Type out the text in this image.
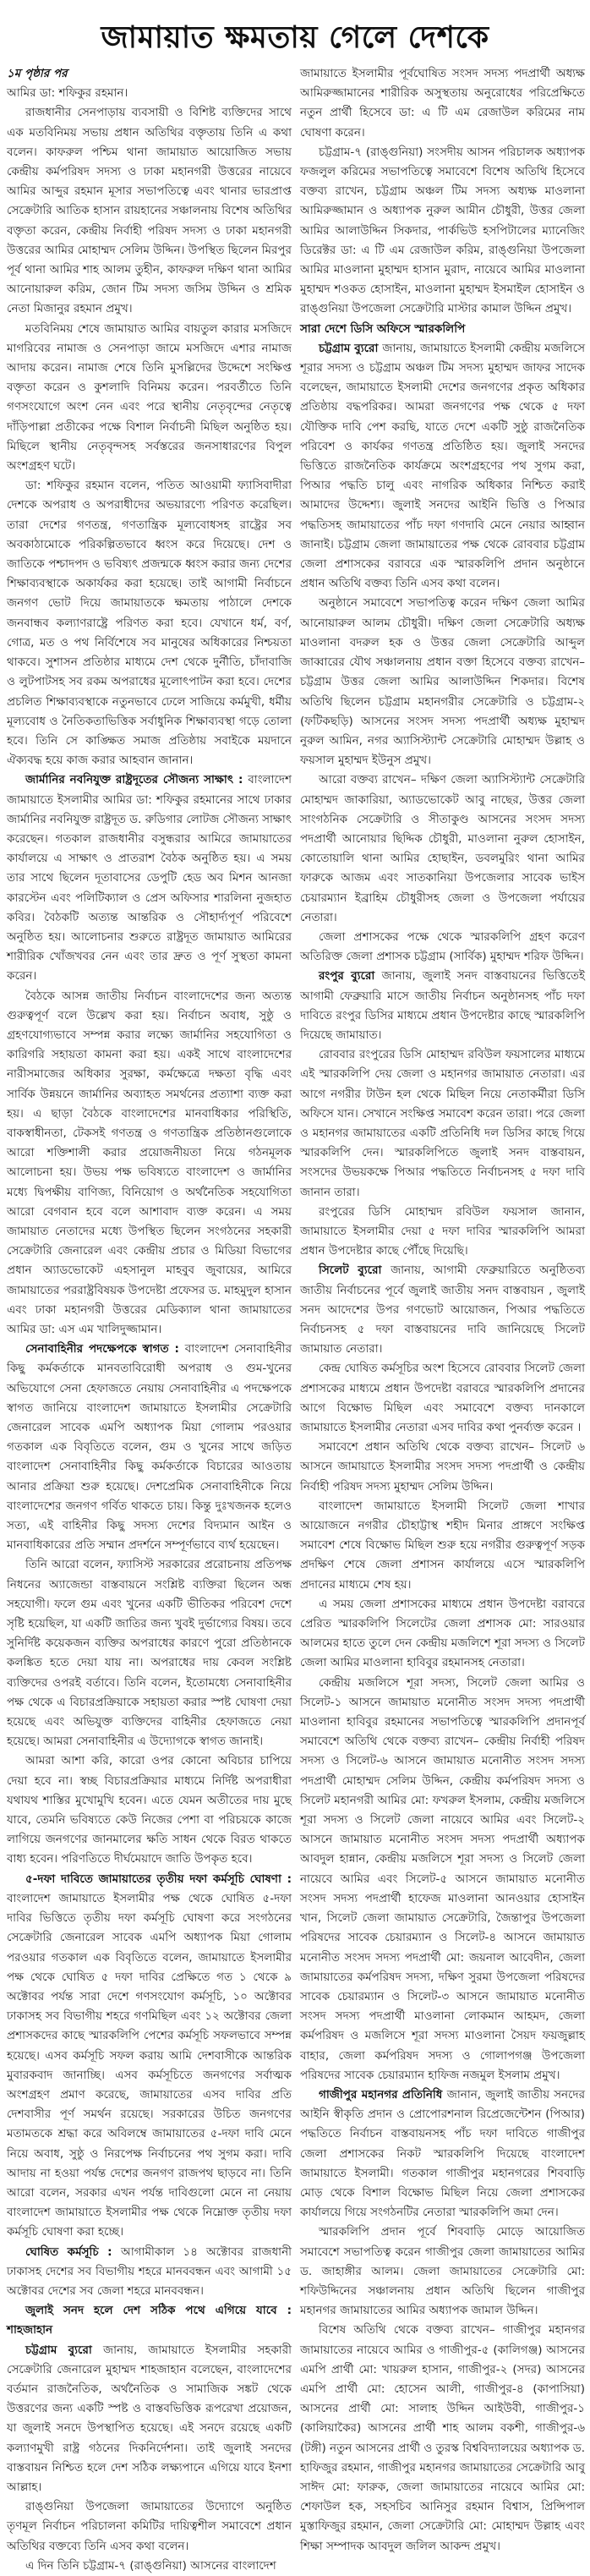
জামায়াত ক্ষমতায় গেলে দেশকে

১ম পৃষ্ঠার পর

আমির ডা: শফিকুর রহমান।

রাজধানীর সেনপাড়ায় ব্যবসায়ী ও বিশিষ্ট ব্যক্তিদের সাথে এক মতবিনিময় সভায় প্রধান অতিথির বক্তৃতায় তিনি এ কথা বলেন। কাফরুল পশ্চিম থানা জামায়াত আয়োজিত সভায় কেন্দ্রীয় কর্মপরিষদ সদস্য ও ঢাকা মহানগরী উত্তরের নায়েবে আমির আব্দুর রহমান মূসার সভাপতিত্বে এবং থানার ভারপ্রাপ্ত সেক্রেটারি আতিক হাসান রায়হানের সঞ্চালনায় বিশেষ অতিথির বক্তৃতা করেন, কেন্দ্রীয় নির্বাহী পরিষদ সদস্য ও ঢাকা মহানগরী উত্তরের আমির মোহাম্মদ সেলিম উদ্দিন। উপস্থিত ছিলেন মিরপুর পূর্ব থানা আমির শাহ আলম তুহীন, কাফরুল দক্ষিণ থানা আমির আনোয়ারুল করিম, জোন টিম সদস্য জসিম উদ্দিন ও শ্রমিক নেতা মিজানুর রহমান প্রমুখ।

মতবিনিময় শেষে জামায়াত আমির বায়তুল কারার মসজিদে মাগরিবের নামাজ ও সেনপাড়া জামে মসজিদে এশার নামাজ আদায় করেন। নামাজ শেষে তিনি মুসল্লিদের উদ্দেশে সংক্ষিপ্ত বক্তৃতা করেন ও কুশলাদি বিনিময় করেন। পরবর্তীতে তিনি গণসংযোগে অংশ নেন এবং পরে স্থানীয় নেতৃবৃন্দের নেতৃত্বে দাঁড়িপাল্লা প্রতীকের পক্ষে বিশাল নির্বাচনী মিছিল অনুষ্ঠিত হয়। মিছিলে স্থানীয় নেতৃবৃন্দসহ সর্বস্তরের জনসাধারণের বিপুল অংশগ্রহণ ঘটে।

ডা: শফিকুর রহমান বলেন, পতিত আওয়ামী ফ্যাসিবাদীরা দেশকে অপরাধ ও অপরাধীদের অভয়ারণ্যে পরিণত করেছিল। তারা দেশের গণতন্ত্র, গণতান্ত্রিক মূল্যবোধসহ রাষ্ট্রের সব অবকাঠামোকে পরিকল্পিতভাবে ধ্বংস করে দিয়েছে। দেশ ও জাতিকে পশ্চাদপদ ও ভবিষ্যৎ প্রজন্মকে ধ্বংস করার জন্য দেশের শিক্ষাব্যবস্থাকে অকার্যকর করা হয়েছে। তাই আগামী নির্বাচনে জনগণ ভোট দিয়ে জামায়াতকে ক্ষমতায় পাঠালে দেশকে জনবান্ধব কল্যাণরাষ্ট্রে পরিণত করা হবে। যেখানে ধর্ম, বর্ণ, গোত্র, মত ও পথ নির্বিশেষে সব মানুষের অধিকারের নিশ্চয়তা থাকবে। সুশাসন প্রতিষ্ঠার মাধ্যমে দেশ থেকে দুর্নীতি, চাঁদাবাজি ও লুটপাটসহ সব রকম অপরাধের মূলোৎপাটন করা হবে। দেশের প্রচলিত শিক্ষাব্যবস্থাকে নতুনভাবে ঢেলে সাজিয়ে কর্মমুখী, ধর্মীয় মূল্যবোধ ও নৈতিকতাভিত্তিক সর্বাধুনিক শিক্ষাব্যবস্থা গড়ে তোলা হবে। তিনি সে কাঙ্ক্ষিত সমাজ প্রতিষ্ঠায় সবাইকে ময়দানে ঐক্যবদ্ধ হয়ে কাজ করার আহবান জানান।

জার্মানির নবনিযুক্ত রাষ্ট্রদূতের সৌজন্য সাক্ষাৎ : বাংলাদেশ জামায়াতে ইসলামীর আমির ডা: শফিকুর রহমানের সাথে ঢাকার জার্মানির নবনিযুক্ত রাষ্ট্রদূত ড. রুডিগার লোটজ সৌজন্য সাক্ষাৎ করেছেন। গতকাল রাজধানীর বসুন্ধরার আমিরে জামায়াতের কার্যালয়ে এ সাক্ষাৎ ও প্রাতরাশ বৈঠক অনুষ্ঠিত হয়। এ সময় তার সাথে ছিলেন দূতাবাসের ডেপুটি হেড অব মিশন আনজা কারস্টেন এবং পলিটিক্যাল ও প্রেস অফিসার শারলিনা নুজহাত কবির। বৈঠকটি অত্যন্ত আন্তরিক ও সৌহার্দ্যপূর্ণ পরিবেশে অনুষ্ঠিত হয়। আলোচনার শুরুতে রাষ্ট্রদূত জামায়াত আমিরের শারীরিক খোঁজখবর নেন এবং তার দ্রুত ও পূর্ণ সুস্থতা কামনা করেন।

বৈঠকে আসন্ন জাতীয় নির্বাচন বাংলাদেশের জন্য অত্যন্ত গুরুত্বপূর্ণ বলে উল্লেখ করা হয়। নির্বাচন অবাধ, সুষ্ঠু ও গ্রহণযোগ্যভাবে সম্পন্ন করার লক্ষ্যে জার্মানির সহযোগিতা ও কারিগরি সহায়তা কামনা করা হয়। একই সাথে বাংলাদেশের নারীসমাজের অধিকার সুরক্ষা, কর্মক্ষেত্রে দক্ষতা বৃদ্ধি এবং সার্বিক উন্নয়নে জার্মানির অব্যাহত সমর্থনের প্রত্যাশা ব্যক্ত করা হয়। এ ছাড়া বৈঠকে বাংলাদেশের মানবাধিকার পরিস্থিতি, বাকস্বাধীনতা, টেকসই গণতন্ত্র ও গণতান্ত্রিক প্রতিষ্ঠানগুলোকে আরো শক্তিশালী করার প্রয়োজনীয়তা নিয়ে গঠনমূলক আলোচনা হয়। উভয় পক্ষ ভবিষ্যতে বাংলাদেশ ও জার্মানির মধ্যে দ্বিপক্ষীয় বাণিজ্য, বিনিয়োগ ও অর্থনৈতিক সহযোগিতা আরো বেগবান হবে বলে আশাবাদ ব্যক্ত করেন। এ সময় জামায়াত নেতাদের মধ্যে উপস্থিত ছিলেন সংগঠনের সহকারী সেক্রেটারি জেনারেল এবং কেন্দ্রীয় প্রচার ও মিডিয়া বিভাগের প্রধান অ্যাডভোকেট এহসানুল মাহবুব জুবায়ের, আমিরে জামায়াতের পররাষ্ট্রবিষয়ক উপদেষ্টা প্রফেসর ড. মাহমুদুল হাসান এবং ঢাকা মহানগরী উত্তরের মেডিক্যাল থানা জামায়াতের আমির ডা: এস এম খালিদুজ্জামান।

সেনাবাহিনীর পদক্ষেপকে স্বাগত : বাংলাদেশ সেনাবাহিনীর কিছু কর্মকর্তাকে মানবতাবিরোধী অপরাধ ও গুম-খুনের অভিযোগে সেনা হেফাজতে নেয়ায় সেনাবাহিনীর এ পদক্ষেপকে স্বাগত জানিয়ে বাংলাদেশ জামায়াতে ইসলামীর সেক্রেটারি জেনারেল সাবেক এমপি অধ্যাপক মিয়া গোলাম পরওয়ার গতকাল এক বিবৃতিতে বলেন, গুম ও খুনের সাথে জড়িত বাংলাদেশ সেনাবাহিনীর কিছু কর্মকর্তাকে বিচারের আওতায় আনার প্রক্রিয়া শুরু হয়েছে। দেশপ্রেমিক সেনাবাহিনীকে নিয়ে বাংলাদেশের জনগণ গর্বিত থাকতে চায়। কিন্তু দুঃখজনক হলেও সত্য, এই বাহিনীর কিছু সদস্য দেশের বিদ্যমান আইন ও মানবাধিকারের প্রতি সম্মান প্রদর্শনে সম্পূর্ণভাবে ব্যর্থ হয়েছেন।

তিনি আরো বলেন, ফ্যাসিস্ট সরকারের প্ররোচনায় প্রতিপক্ষ নিধনের অ্যাজেন্ডা বাস্তবায়নে সংশ্লিষ্ট ব্যক্তিরা ছিলেন অন্ধ সহযোগী। ফলে গুম এবং খুনের একটি ভীতিকর পরিবেশ দেশে সৃষ্টি হয়েছিল, যা একটি জাতির জন্য খুবই দুর্ভাগ্যের বিষয়। তবে সুনির্দিষ্ট কয়েকজন ব্যক্তির অপরাধের কারণে পুরো প্রতিষ্ঠানকে কলঙ্কিত হতে দেয়া যায় না। অপরাধের দায় কেবল সংশ্লিষ্ট ব্যক্তিদের ওপরই বর্তাবে। তিনি বলেন, ইতোমধ্যে সেনাবাহিনীর পক্ষ থেকে এ বিচারপ্রক্রিয়াকে সহায়তা করার স্পষ্ট ঘোষণা দেয়া হয়েছে এবং অভিযুক্ত ব্যক্তিদের বাহিনীর হেফাজতে নেয়া হয়েছে। আমরা সেনাবাহিনীর এ উদ্যোগকে স্বাগত জানাই।

আমরা আশা করি, কারো ওপর কোনো অবিচার চাপিয়ে দেয়া হবে না। স্বচ্ছ বিচারপ্রক্রিয়ার মাধ্যমে নির্দিষ্ট অপরাধীরা যথাযথ শাস্তির মুখোমুখি হবেন। এতে যেমন অতীতের দায় মুছে যাবে, তেমনি ভবিষ্যতে কেউ নিজের পেশা বা পরিচয়কে কাজে লাগিয়ে জনগণের জানমালের ক্ষতি সাধন থেকে বিরত থাকতে বাধ্য হবেন। পরিণতিতে দীর্ঘমেয়াদে জাতি উপকৃত হবে।

৫-দফা দাবিতে জামায়াতের তৃতীয় দফা কর্মসূচি ঘোষণা : বাংলাদেশ জামায়াতে ইসলামীর পক্ষ থেকে ঘোষিত ৫-দফা দাবির ভিত্তিতে তৃতীয় দফা কর্মসূচি ঘোষণা করে সংগঠনের সেক্রেটারি জেনারেল সাবেক এমপি অধ্যাপক মিয়া গোলাম পরওয়ার গতকাল এক বিবৃতিতে বলেন, জামায়াতে ইসলামীর পক্ষ থেকে ঘোষিত ৫ দফা দাবির প্রেক্ষিতে গত ১ থেকে ৯ অক্টোবর পর্যন্ত সারা দেশে গণসংযোগ কর্মসূচি, ১০ অক্টোবর ঢাকাসহ সব বিভাগীয় শহরে গণমিছিল এবং ১২ অক্টোবর জেলা প্রশাসকদের কাছে স্মারকলিপি পেশের কর্মসূচি সফলভাবে সম্পন্ন হয়েছে। এসব কর্মসূচি সফল করায় আমি দেশবাসীকে আন্তরিক মুবারকবাদ জানাচ্ছি। এসব কর্মসূচিতে জনগণের সর্বাত্মক অংশগ্রহণ প্রমাণ করেছে, জামায়াতের এসব দাবির প্রতি দেশবাসীর পূর্ণ সমর্থন রয়েছে। সরকারের উচিত জনগণের মতামতকে শ্রদ্ধা করে অবিলম্বে জামায়াতের ৫-দফা দাবি মেনে নিয়ে অবাধ, সুষ্ঠু ও নিরপেক্ষ নির্বাচনের পথ সুগম করা। দাবি আদায় না হওয়া পর্যন্ত দেশের জনগণ রাজপথ ছাড়বে না। তিনি আরো বলেন, সরকার এখন পর্যন্ত দাবিগুলো মেনে না নেয়ায় বাংলাদেশ জামায়াতে ইসলামীর পক্ষ থেকে নিম্নোক্ত তৃতীয় দফা কর্মসূচি ঘোষণা করা হচ্ছে।

ঘোষিত কর্মসূচি : আগামীকাল ১৪ অক্টোবর রাজধানী ঢাকাসহ দেশের সব বিভাগীয় শহরে মানববন্ধন এবং আগামী ১৫ অক্টোবর দেশের সব জেলা শহরে মানববন্ধন।

জুলাই সনদ হলে দেশ সঠিক পথে এগিয়ে যাবে : শাহজাহান

চট্টগ্রাম ব্যুরো জানায়, জামায়াতে ইসলামীর সহকারী সেক্রেটারি জেনারেল মুহাম্মদ শাহজাহান বলেছেন, বাংলাদেশের বর্তমান রাজনৈতিক, অর্থনৈতিক ও সামাজিক সঙ্কট থেকে উত্তরণের জন্য একটি স্পষ্ট ও বাস্তবভিত্তিক রূপরেখা প্রয়োজন, যা জুলাই সনদে উপস্থাপিত হয়েছে। এই সনদে রয়েছে একটি কল্যাণমুখী রাষ্ট্র গঠনের দিকনির্দেশনা। তাই জুলাই সনদের বাস্তবায়ন নিশ্চিত হলে দেশ সঠিক লক্ষ্যপানে এগিয়ে যাবে ইনশা আল্লাহ।

রাঙ্গুনিয়া উপজেলা জামায়াতের উদ্যোগে অনুষ্ঠিত তৃণমূল নির্বাচন পরিচালনা কমিটির দায়িত্বশীল সমাবেশে প্রধান অতিথির বক্তব্যে তিনি এসব কথা বলেন।

এ দিন তিনি চট্টগ্রাম-৭ (রাঙ্গুনিয়া) আসনের বাংলাদেশ

জামায়াতে ইসলামীর পূর্বঘোষিত সংসদ সদস্য পদপ্রার্থী অধ্যক্ষ আমিরুজ্জামানের শারীরিক অসুস্থতায় অনুরোধের পরিপ্রেক্ষিতে নতুন প্রার্থী হিসেবে ডা: এ টি এম রেজাউল করিমের নাম ঘোষণা করেন।

চট্টগ্রাম-৭ (রাঙ্গুনিয়া) সংসদীয় আসন পরিচালক অধ্যাপক ফজলুল করিমের সভাপতিত্বে সমাবেশে বিশেষ অতিথি হিসেবে বক্তব্য রাখেন, চট্টগ্রাম অঞ্চল টিম সদস্য অধ্যক্ষ মাওলানা আমিরুজ্জামান ও অধ্যাপক নুরুল আমীন চৌধুরী, উত্তর জেলা আমির আলাউদ্দিন সিকদার, পার্কভিউ হসপিটালের ম্যানেজিং ডিরেক্টর ডা: এ টি এম রেজাউল করিম, রাঙ্গুনিয়া উপজেলা আমির মাওলানা মুহাম্মদ হাসান মুরাদ, নায়েবে আমির মাওলানা মুহাম্মদ শওকত হোসাইন, মাওলানা মুহাম্মদ ইসমাইল হোসাইন ও রাঙ্গুনিয়া উপজেলা সেক্রেটারি মাস্টার কামাল উদ্দিন প্রমুখ।

সারা দেশে ডিসি অফিসে স্মারকলিপি

চট্টগ্রাম ব্যুরো জানায়, জামায়াতে ইসলামী কেন্দ্রীয় মজলিসে শূরার সদস্য ও চট্টগ্রাম অঞ্চল টিম সদস্য মুহাম্মদ জাফর সাদেক বলেছেন, জামায়াতে ইসলামী দেশের জনগণের প্রকৃত অধিকার প্রতিষ্ঠায় বদ্ধপরিকর। আমরা জনগণের পক্ষ থেকে ৫ দফা যৌক্তিক দাবি পেশ করছি, যাতে দেশে একটি সুষ্ঠু রাজনৈতিক পরিবেশ ও কার্যকর গণতন্ত্র প্রতিষ্ঠিত হয়। জুলাই সনদের ভিত্তিতে রাজনৈতিক কার্যক্রমে অংশগ্রহণের পথ সুগম করা, পিআর পদ্ধতি চালু এবং নাগরিক অধিকার নিশ্চিত করাই আমাদের উদ্দেশ্য। জুলাই সনদের আইনি ভিত্তি ও পিআর পদ্ধতিসহ জামায়াতের পাঁচ দফা গণদাবি মেনে নেয়ার আহ্বান জানাই। চট্টগ্রাম জেলা জামায়াতের পক্ষ থেকে রোববার চট্টগ্রাম জেলা প্রশাসকের বরাবরে এক স্মারকলিপি প্রদান অনুষ্ঠানে প্রধান অতিথি বক্তব্য তিনি এসব কথা বলেন।

অনুষ্ঠানে সমাবেশে সভাপতিত্ব করেন দক্ষিণ জেলা আমির আনোয়ারুল আলম চৌধুরী। দক্ষিণ জেলা সেক্রেটারি অধ্যক্ষ মাওলানা বদরুল হক ও উত্তর জেলা সেক্রেটারি আব্দুল জাব্বারের যৌথ সঞ্চালনায় প্রধান বক্তা হিসেবে বক্তব্য রাখেন– চট্টগ্রাম উত্তর জেলা আমির আলাউদ্দিন শিকদার। বিশেষ অতিথি ছিলেন চট্টগ্রাম মহানগরীর সেক্রেটারি ও চট্টগ্রাম-২ (ফটিকছড়ি) আসনের সংসদ সদস্য পদপ্রার্থী অধ্যক্ষ মুহাম্মদ নুরুল আমিন, নগর অ্যাসিস্ট্যান্ট সেক্রেটারি মোহাম্মদ উল্লাহ ও ফয়সাল মুহাম্মদ ইউনুস প্রমুখ।

আরো বক্তব্য রাখেন– দক্ষিণ জেলা অ্যাসিস্ট্যান্ট সেক্রেটারি মোহাম্মদ জাকারিয়া, অ্যাডভোকেট আবু নাছের, উত্তর জেলা সাংগঠনিক সেক্রেটারি ও সীতাকুণ্ড আসনের সংসদ সদস্য পদপ্রার্থী আনোয়ার ছিদ্দিক চৌধুরী, মাওলানা নুরুল হোসাইন, কোতোয়ালি থানা আমির হোছাইন, ডবলমুরিং থানা আমির ফারুকে আজম এবং সাতকানিয়া উপজেলার সাবেক ভাইস চেয়ারম্যান ইব্রাহিম চৌধুরীসহ জেলা ও উপজেলা পর্যায়ের নেতারা।

জেলা প্রশাসকের পক্ষে থেকে স্মারকলিপি গ্রহণ করেণ অতিরিক্ত জেলা প্রশাসক চট্টগ্রাম (সার্বিক) মুহাম্মদ শরিফ উদ্দিন।

রংপুর ব্যুরো জানায়, জুলাই সনদ বাস্তবায়নের ভিত্তিতেই আগামী ফেব্রুয়ারি মাসে জাতীয় নির্বাচন অনুষ্ঠানসহ পাঁচ দফা দাবিতে রংপুর ডিসির মাধ্যমে প্রধান উপদেষ্টার কাছে স্মারকলিপি দিয়েছে জামায়াত।

রোববার রংপুরের ডিসি মোহাম্মদ রবিউল ফয়সালের মাধ্যমে এই স্মারকলিপি দেয় জেলা ও মহানগর জামায়াত নেতারা। এর আগে নগরীর টাউন হল থেকে মিছিল নিয়ে নেতাকর্মীরা ডিসি অফিসে যান। সেখানে সংক্ষিপ্ত সমাবেশ করেন তারা। পরে জেলা ও মহানগর জামায়াতের একটি প্রতিনিধি দল ডিসির কাছে গিয়ে স্মারকলিপি দেন। স্মারকলিপিতে জুলাই সনদ বাস্তবায়ন, সংসদের উভয়কক্ষে পিআর পদ্ধতিতে নির্বাচনসহ ৫ দফা দাবি জানান তারা।

রংপুরের ডিসি মোহাম্মদ রবিউল ফয়সাল জানান, জামায়াতে ইসলামীর দেয়া ৫ দফা দাবির স্মারকলিপি আমরা প্রধান উপদেষ্টার কাছে পৌঁছে দিয়েছি।

সিলেট ব্যুরো জানায়, আগামী ফেব্রুয়ারিতে অনুষ্ঠিতব্য জাতীয় নির্বাচনের পূর্বে জুলাই জাতীয় সনদ বাস্তবায়ন , জুলাই সনদ আদেশের উপর গণভোট আয়োজন, পিআর পদ্ধতিতে নির্বাচনসহ ৫ দফা বাস্তবায়নের দাবি জানিয়েছে সিলেট জামায়াত নেতারা।

কেন্দ্র ঘোষিত কর্মসূচির অংশ হিসেবে রোববার সিলেট জেলা প্রশাসকের মাধ্যমে প্রধান উপদেষ্টা বরাবরে স্মারকলিপি প্রদানের আগে বিক্ষোভ মিছিল এবং সমাবেশে বক্তব্য দানকালে জামায়াতে ইসলামীর নেতারা এসব দাবির কথা পুনর্ব্যক্ত করেন ।

সমাবেশে প্রধান অতিথি থেকে বক্তব্য রাখেন– সিলেট ৬ আসনে জামায়াতে ইসলামীর সংসদ সদস্য পদপ্রার্থী ও কেন্দ্রীয় নির্বাহী পরিষদ সদস্য মুহাম্মদ সেলিম উদ্দিন।

বাংলাদেশ জামায়াতে ইসলামী সিলেট জেলা শাখার আয়োজনে নগরীর চৌহাট্টাস্থ শহীদ মিনার প্রাঙ্গণে সংক্ষিপ্ত সমাবেশ শেষে বিক্ষোভ মিছিল শুরু হয়ে নগরীর গুরুত্বপূর্ণ সড়ক প্রদক্ষিণ শেষে জেলা প্রশাসন কার্যালয়ে এসে স্মারকলিপি প্রদানের মাধ্যমে শেষ হয়।

এ সময় জেলা প্রশাসকের মাধ্যমে প্রধান উপদেষ্টা বরাবরে প্রেরিত স্মারকলিপি সিলেটের জেলা প্রশাসক মো: সারওয়ার আলমের হাতে তুলে দেন কেন্দ্রীয় মজলিশে শূরা সদস্য ও সিলেট জেলা আমির মাওলানা হাবিবুর রহমানসহ নেতারা।

কেন্দ্রীয় মজলিসে শূরা সদস্য, সিলেট জেলা আমির ও সিলেট-১ আসনে জামায়াত মনোনীত সংসদ সদস্য পদপ্রার্থী মাওলানা হাবিবুর রহমানের সভাপতিত্বে স্মারকলিপি প্রদানপূর্ব সমাবেশে অতিথি থেকে বক্তব্য রাখেন– কেন্দ্রীয় নির্বাহী পরিষদ সদস্য ও সিলেট-৬ আসনে জামায়াত মনোনীত সংসদ সদস্য পদপ্রার্থী মোহাম্মদ সেলিম উদ্দিন, কেন্দ্রীয় কর্মপরিষদ সদস্য ও সিলেট মহানগরী আমির মো: ফখরুল ইসলাম, কেন্দ্রীয় মজলিসে শূরা সদস্য ও সিলেট জেলা নায়েবে আমির এবং সিলেট-২ আসনে জামায়াত মনোনীত সংসদ সদস্য পদপ্রার্থী অধ্যাপক আবদুল হান্নান, কেন্দ্রীয় মজলিসে শূরা সদস্য ও সিলেট জেলা নায়েবে আমির এবং সিলেট-৫ আসনে জামায়াত মনোনীত সংসদ সদস্য পদপ্রার্থী হাফেজ মাওলানা আনওয়ার হোসাইন খান, সিলেট জেলা জামায়াত সেক্রেটারি, জৈন্তাপুর উপজেলা পরিষদের সাবেক চেয়ারম্যান ও সিলেট-৪ আসনে জামায়াত মনোনীত সংসদ সদস্য পদপ্রার্থী মো: জয়নাল আবেদীন, জেলা জামায়াতের কর্মপরিষদ সদস্য, দক্ষিণ সুরমা উপজেলা পরিষদের সাবেক চেয়ারম্যান ও সিলেট-৩ আসনে জামায়াত মনোনীত সংসদ সদস্য পদপ্রার্থী মাওলানা লোকমান আহমদ, জেলা কর্মপরিষদ ও মজলিসে শূরা সদস্য মাওলানা সৈয়দ ফয়জুল্লাহ বাহার, জেলা কর্মপরিষদ সদস্য ও গোলাপগঞ্জ উপজেলা পরিষদের সাবেক চেয়ারম্যান হাফিজ নজমুল ইসলাম প্রমুখ।

গাজীপুর মহানগর প্রতিনিধি জানান, জুলাই জাতীয় সনদের আইনি স্বীকৃতি প্রদান ও প্রোপোরশনাল রিপ্রেজেন্টেশন (পিআর) পদ্ধতিতে নির্বাচন বাস্তবায়নসহ পাঁচ দফা দাবিতে গাজীপুর জেলা প্রশাসকের নিকট স্মারকলিপি দিয়েছে বাংলাদেশ জামায়াতে ইসলামী। গতকাল গাজীপুর মহানগরের শিববাড়ি মোড় থেকে বিশাল বিক্ষোভ মিছিল নিয়ে জেলা প্রশাসকের কার্যালয়ে গিয়ে সংগঠনটির নেতারা স্মারকলিপি জমা দেন।

স্মারকলিপি প্রদান পূর্বে শিববাড়ি মোড়ে আয়োজিত সমাবেশে সভাপতিত্ব করেন গাজীপুর জেলা জামায়াতের আমির ড. জাহাঙ্গীর আলম। জেলা জামায়াতের সেক্রেটারি মো: শফিউদ্দিনের সঞ্চালনায় প্রধান অতিথি ছিলেন গাজীপুর মহানগর জামায়াতের আমির অধ্যাপক জামাল উদ্দিন।

বিশেষ অতিথি থেকে বক্তব্য রাখেন– গাজীপুর মহানগর জামায়াতের নায়েবে আমির ও গাজীপুর-৫ (কালিগঞ্জ) আসনের এমপি প্রার্থী মো: খায়রুল হাসান, গাজীপুর-২ (সদর) আসনের এমপি প্রার্থী মো: হোসেন আলী, গাজীপুর-৪ (কাপাসিয়া) আসনের প্রার্থী মো: সালাহ উদ্দিন আইউবী, গাজীপুর-১ (কালিয়াকৈর) আসনের প্রার্থী শাহ আলম বকশী, গাজীপুর-৬ (টঙ্গী) নতুন আসনের প্রার্থী ও তুরস্ক বিশ্ববিদ্যালয়ের অধ্যাপক ড. হাফিজুর রহমান, গাজীপুর মহানগর জামায়াতের সেক্রেটারি আবু সাঈদ মো: ফারুক, জেলা জামায়াতের নায়েবে আমির মো: শেফাউল হক, সহসচিব আনিসুর রহমান বিশ্বাস, প্রিন্সিপাল মুস্তাফিজুর রহমান, জেলা সেক্রেটারি মো: মোহাম্মদ উল্লাহ এবং শিক্ষা সম্পাদক আবদুল জলিল আকন্দ প্রমুখ।
